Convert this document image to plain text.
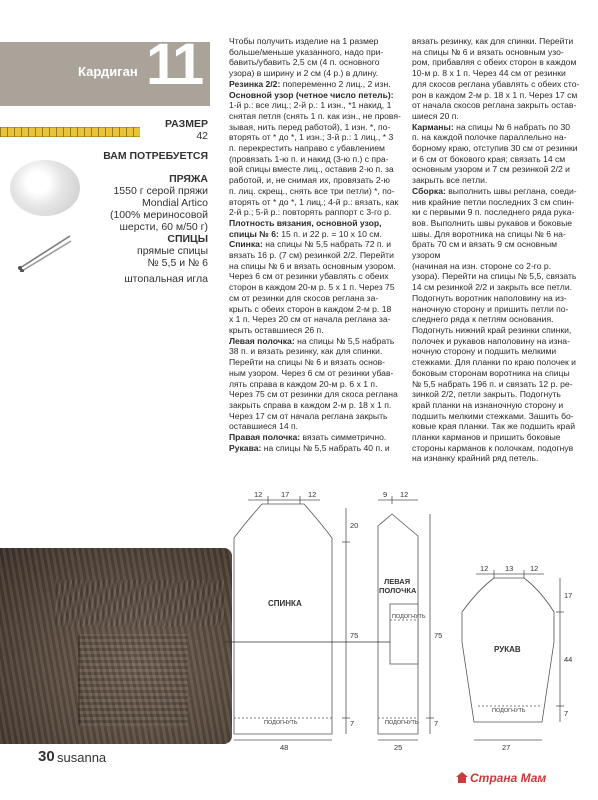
Кардиган 11
РАЗМЕР
42
ВАМ ПОТРЕБУЕТСЯ
ПРЯЖА
1550 г серой пряжи
Mondial Artico
(100% мериносовой
шерсти, 60 м/50 г)
СПИЦЫ
прямые спицы
№ 5,5 и № 6
штопальная игла
Чтобы получить изделие на 1 размер
больше/меньше указанного, надо при-
бавить/убавить 2,5 см (4 п. основного
узора) в ширину и 2 см (4 р.) в длину.
Резинка 2/2: попеременно 2 лиц., 2 изн.
Основной узор (четное число петель):
1-й р.: все лиц.; 2-й р.: 1 изн., *1 накид, 1
снятая петля (снять 1 п. как изн., не провя-
зывая, нить перед работой), 1 изн. *, по-
вторять от * до *, 1 изн.; 3-й р.: 1 лиц., * 3
п. перекрестить направо с убавлением
(провязать 1-ю п. и накид (3-ю п.) с пра-
вой спицы вместе лиц., оставив 2-ю п. за
работой, и, не снимая их, провязать 2-ю
п. лиц. скрещ., снять все три петли) *, по-
вторять от * до *, 1 лиц.; 4-й р.: вязать, как
2-й р.; 5-й р.: повторять раппорт с 3-го р.
Плотность вязания, основной узор,
спицы № 6: 15 п. и 22 р. = 10 х 10 см.
Спинка: на спицы № 5,5 набрать 72 п. и
вязать 16 р. (7 см) резинкой 2/2. Перейти
на спицы № 6 и вязать основным узором.
Через 6 см от резинки убавлять с обеих
сторон в каждом 20-м р. 5 х 1 п. Через 75
см от резинки для скосов реглана за-
крыть с обеих сторон в каждом 2-м р. 18
х 1 п. Через 20 см от начала реглана за-
крыть оставшиеся 26 п.
Левая полочка: на спицы № 5,5 набрать
38 п. и вязать резинку, как для спинки.
Перейти на спицы № 6 и вязать основ-
ным узором. Через 6 см от резинки убав-
лять справа в каждом 20-м р. 6 х 1 п.
Через 75 см от резинки для скоса реглана
закрыть справа в каждом 2-м р. 18 х 1 п.
Через 17 см от начала реглана закрыть
оставшиеся 14 п.
Правая полочка: вязать симметрично.
Рукава: на спицы № 5,5 набрать 40 п. и
вязать резинку, как для спинки. Перейти
на спицы № 6 и вязать основным узо-
ром, прибавляя с обеих сторон в каждом
10-м р. 8 х 1 п. Через 44 см от резинки
для скосов реглана убавлять с обеих сто-
рон в каждом 2-м р. 18 х 1 п. Через 17 см
от начала скосов реглана закрыть остав-
шиеся 20 п.
Карманы: на спицы № 6 набрать по 30
п. на каждой полочке параллельно на-
борному краю, отступив 30 см от резинки
и 6 см от бокового края; связать 14 см
основным узором и 7 см резинкой 2/2 и
закрыть все петли.
Сборка: выполнить швы реглана, соеди-
нив крайние петли последних 3 см спин-
ки с первыми 9 п. последнего ряда рука-
вов. Выполнить швы рукавов и боковые
швы. Для воротника на спицы № 6 на-
брать 70 см и вязать 9 см основным узором
(начиная на изн. стороне со 2-го р.
узора). Перейти на спицы № 5,5, связать
14 см резинкой 2/2 и закрыть все петли.
Подогнуть воротник наполовину на из-
наночную сторону и пришить петли по-
следнего ряда к петлям основания.
Подогнуть нижний край резинки спинки,
полочек и рукавов наполовину на изна-
ночную сторону и подшить мелкими
стежками. Для планки по краю полочек и
боковым сторонам воротника на спицы
№ 5,5 набрать 196 п. и связать 12 р. ре-
зинкой 2/2, петли закрыть. Подогнуть
край планки на изнаночную сторону и
подшить мелкими стежками. Зашить бо-
ковые края планки. Так же подшить край
планки карманов и пришить боковые
стороны карманов к полочкам, подогнув
на изнанку крайний ряд петель.
СПИНКА
ЛЕВАЯ
ПОЛОЧКА
РУКАВ
ПОДОГНУТЬ	ПОДОГНУТЬ
ПОДОГНУТЬ
ПОДОГНУТЬ
12 17 12
20
75
7
48
9 12
75
7
25
12 13 12
17
44
7
27
30 susanna
Страна Мам
